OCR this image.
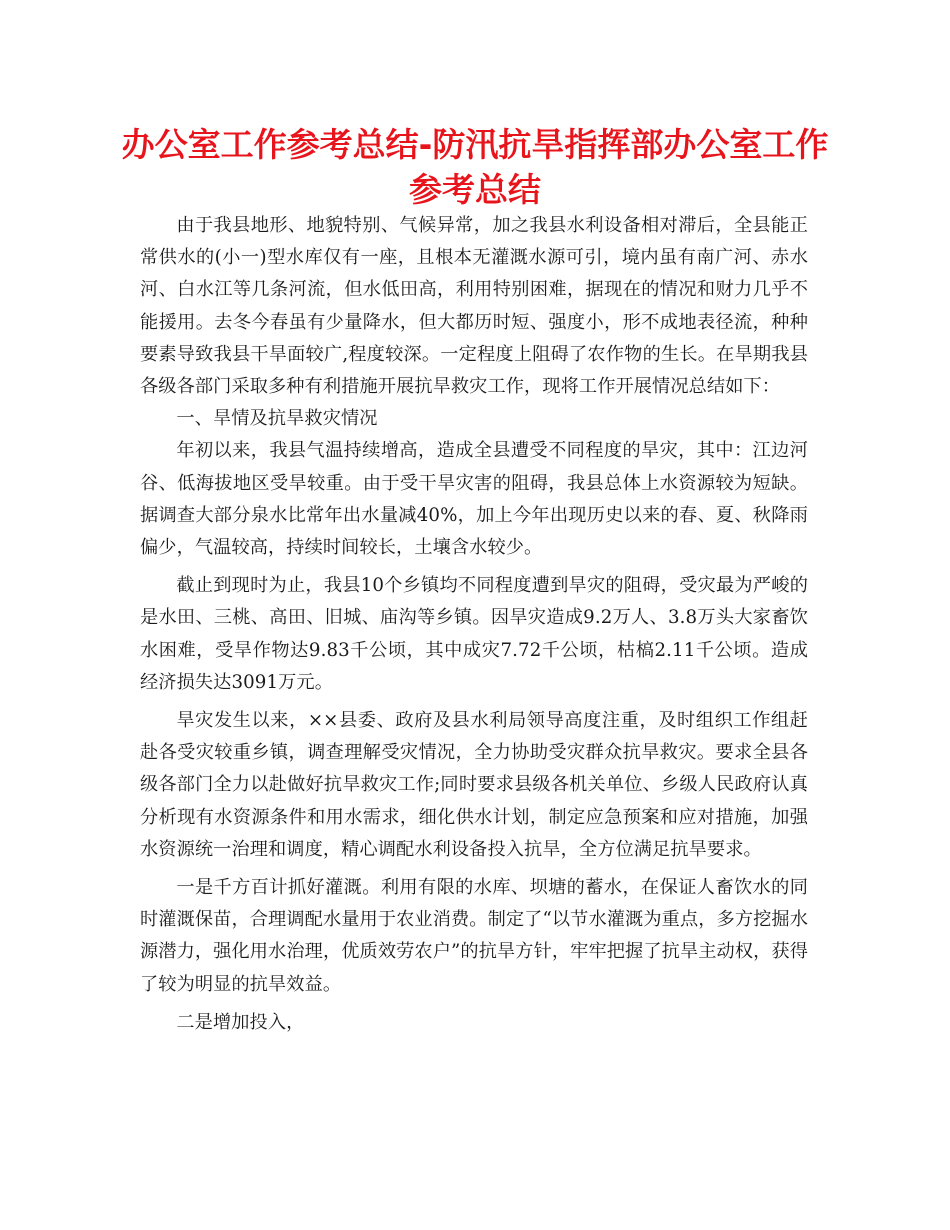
办公室工作参考总结-防汛抗旱指挥部办公室工作
参考总结

由于我县地形、地貌特别、气候异常，加之我县水利设备相对滞后，全县能正常供水的(小一)型水库仅有一座，且根本无灌溉水源可引，境内虽有南广河、赤水河、白水江等几条河流，但水低田高，利用特别困难，据现在的情况和财力几乎不能援用。去冬今春虽有少量降水，但大都历时短、强度小，形不成地表径流，种种要素导致我县干旱面较广,程度较深。一定程度上阻碍了农作物的生长。在旱期我县各级各部门采取多种有利措施开展抗旱救灾工作，现将工作开展情况总结如下：

一、旱情及抗旱救灾情况

年初以来，我县气温持续增高，造成全县遭受不同程度的旱灾，其中：江边河谷、低海拔地区受旱较重。由于受干旱灾害的阻碍，我县总体上水资源较为短缺。据调查大部分泉水比常年出水量减40%，加上今年出现历史以来的春、夏、秋降雨偏少，气温较高，持续时间较长，土壤含水较少。

截止到现时为止，我县10个乡镇均不同程度遭到旱灾的阻碍，受灾最为严峻的是水田、三桃、高田、旧城、庙沟等乡镇。因旱灾造成9.2万人、3.8万头大家畜饮水困难，受旱作物达9.83千公顷，其中成灾7.72千公顷，枯槁2.11千公顷。造成经济损失达3091万元。

旱灾发生以来，××县委、政府及县水利局领导高度注重，及时组织工作组赶赴各受灾较重乡镇，调查理解受灾情况，全力协助受灾群众抗旱救灾。要求全县各级各部门全力以赴做好抗旱救灾工作;同时要求县级各机关单位、乡级人民政府认真分析现有水资源条件和用水需求，细化供水计划，制定应急预案和应对措施，加强水资源统一治理和调度，精心调配水利设备投入抗旱，全方位满足抗旱要求。

一是千方百计抓好灌溉。利用有限的水库、坝塘的蓄水，在保证人畜饮水的同时灌溉保苗，合理调配水量用于农业消费。制定了“以节水灌溉为重点，多方挖掘水源潜力，强化用水治理，优质效劳农户”的抗旱方针，牢牢把握了抗旱主动权，获得了较为明显的抗旱效益。

二是增加投入，
